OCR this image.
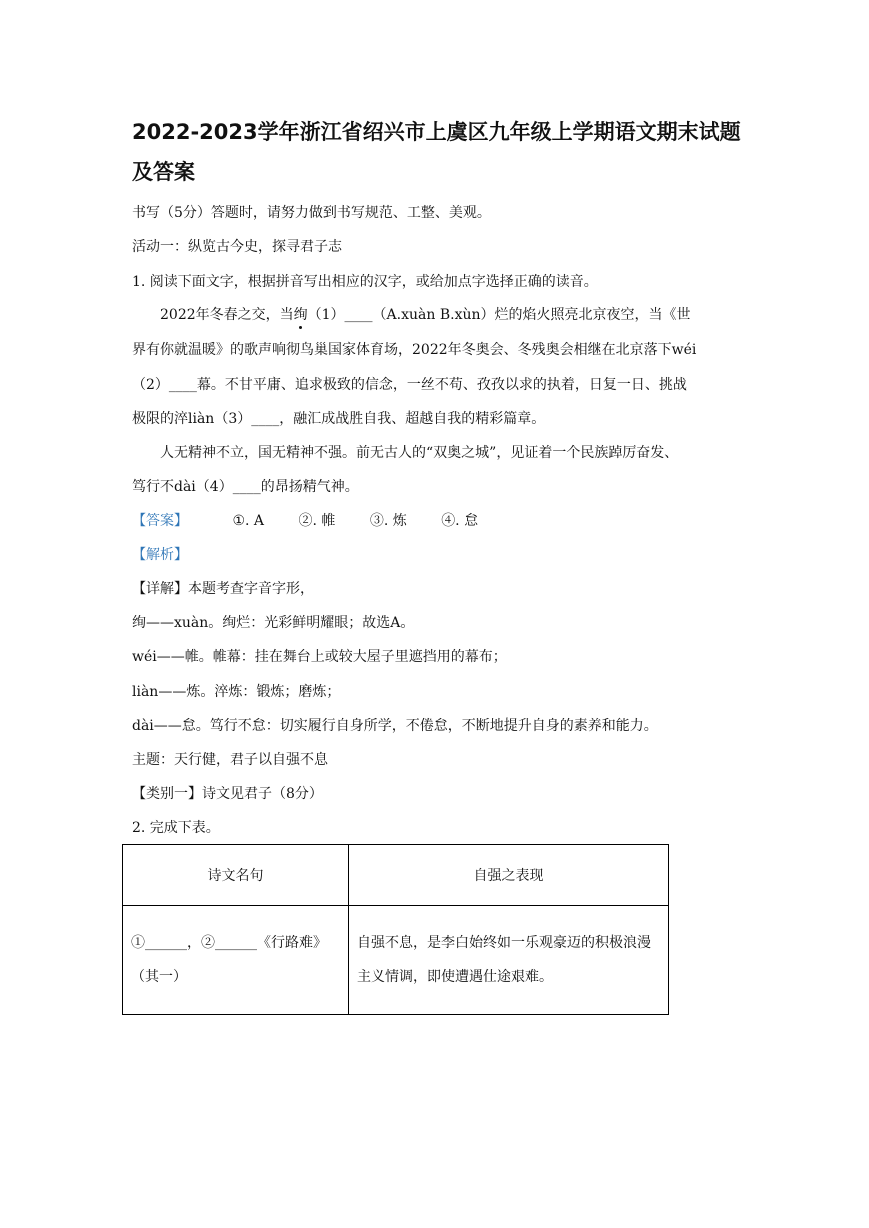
2022-2023学年浙江省绍兴市上虞区九年级上学期语文期末试题及答案
书写（5分）答题时，请努力做到书写规范、工整、美观。
活动一：纵览古今史，探寻君子志
1. 阅读下面文字，根据拼音写出相应的汉字，或给加点字选择正确的读音。
2022年冬春之交，当绚（1）____（A.xuàn B.xùn）烂的焰火照亮北京夜空，当《世
界有你就温暖》的歌声响彻鸟巢国家体育场，2022年冬奥会、冬残奥会相继在北京落下wéi
（2）____幕。不甘平庸、追求极致的信念，一丝不苟、孜孜以求的执着，日复一日、挑战
极限的淬liàn（3）____，融汇成战胜自我、超越自我的精彩篇章。
人无精神不立，国无精神不强。前无古人的“双奥之城”，见证着一个民族踔厉奋发、
笃行不dài（4）____的昂扬精气神。
【答案】	①. A ②. 帷 ③. 炼 ④. 怠
【解析】
【详解】本题考查字音字形，
绚——xuàn。绚烂：光彩鲜明耀眼；故选A。
wéi——帷。帷幕：挂在舞台上或较大屋子里遮挡用的幕布；
liàn——炼。淬炼：锻炼；磨炼；
dài——怠。笃行不怠：切实履行自身所学，不倦怠，不断地提升自身的素养和能力。
主题：天行健，君子以自强不息
【类别一】诗文见君子（8分）
2. 完成下表。
诗文名句	自强之表现
①______，②______《行路难》（其一）	自强不息，是李白始终如一乐观豪迈的积极浪漫主义情调，即使遭遇仕途艰难。
